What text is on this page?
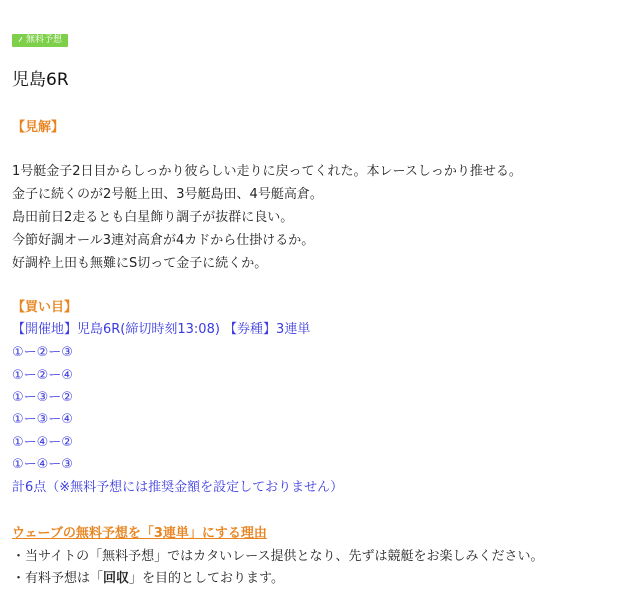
無料予想
児島6R
【見解】

1号艇金子2日目からしっかり彼らしい走りに戻ってくれた。本レースしっかり推せる。

金子に続くのが2号艇上田、3号艇島田、4号艇高倉。

島田前日2走るとも白星飾り調子が抜群に良い。

今節好調オール3連対高倉が4カドから仕掛けるか。

好調枠上田も無難にS切って金子に続くか。

【買い目】

【開催地】児島6R(締切時刻13:08) 【券種】3連単

①ー②ー③

①ー②ー④

①ー③ー②

①ー③ー④

①ー④ー②

①ー④ー③

計6点（※無料予想には推奨金額を設定しておりません）

ウェーブの無料予想を「3連単」にする理由

・当サイトの「無料予想」ではカタいレース提供となり、先ずは競艇をお楽しみください。

・有料予想は「回収」を目的としております。
